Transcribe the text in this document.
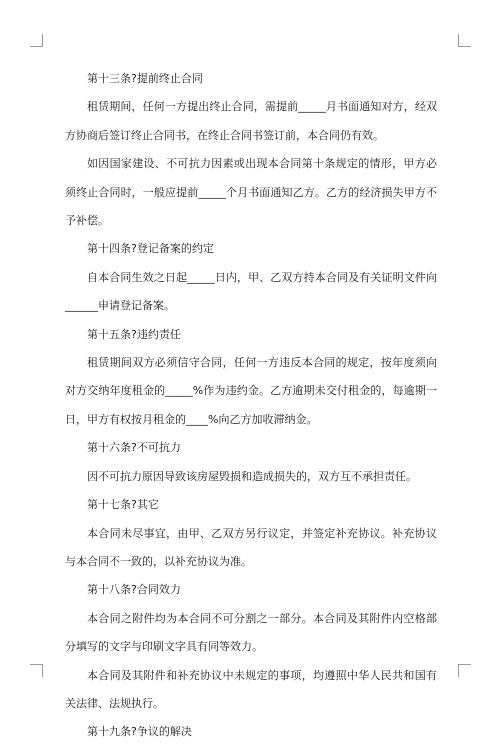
第十三条?提前终止合同

租赁期间，任何一方提出终止合同，需提前_____月书面通知对方，经双方协商后签订终止合同书，在终止合同书签订前，本合同仍有效。

如因国家建设、不可抗力因素或出现本合同第十条规定的情形，甲方必须终止合同时，一般应提前_____个月书面通知乙方。乙方的经济损失甲方不予补偿。

第十四条?登记备案的约定

自本合同生效之日起_____日内，甲、乙双方持本合同及有关证明文件向______申请登记备案。

第十五条?违约责任

租赁期间双方必须信守合同，任何一方违反本合同的规定，按年度须向对方交纳年度租金的_____%作为违约金。乙方逾期未交付租金的，每逾期一日，甲方有权按月租金的____%向乙方加收滞纳金。

第十六条?不可抗力

因不可抗力原因导致该房屋毁损和造成损失的，双方互不承担责任。

第十七条?其它

本合同未尽事宜，由甲、乙双方另行议定，并签定补充协议。补充协议与本合同不一致的，以补充协议为准。

第十八条?合同效力

本合同之附件均为本合同不可分割之一部分。本合同及其附件内空格部分填写的文字与印刷文字具有同等效力。

本合同及其附件和补充协议中未规定的事项，均遵照中华人民共和国有关法律、法规执行。

第十九条?争议的解决
